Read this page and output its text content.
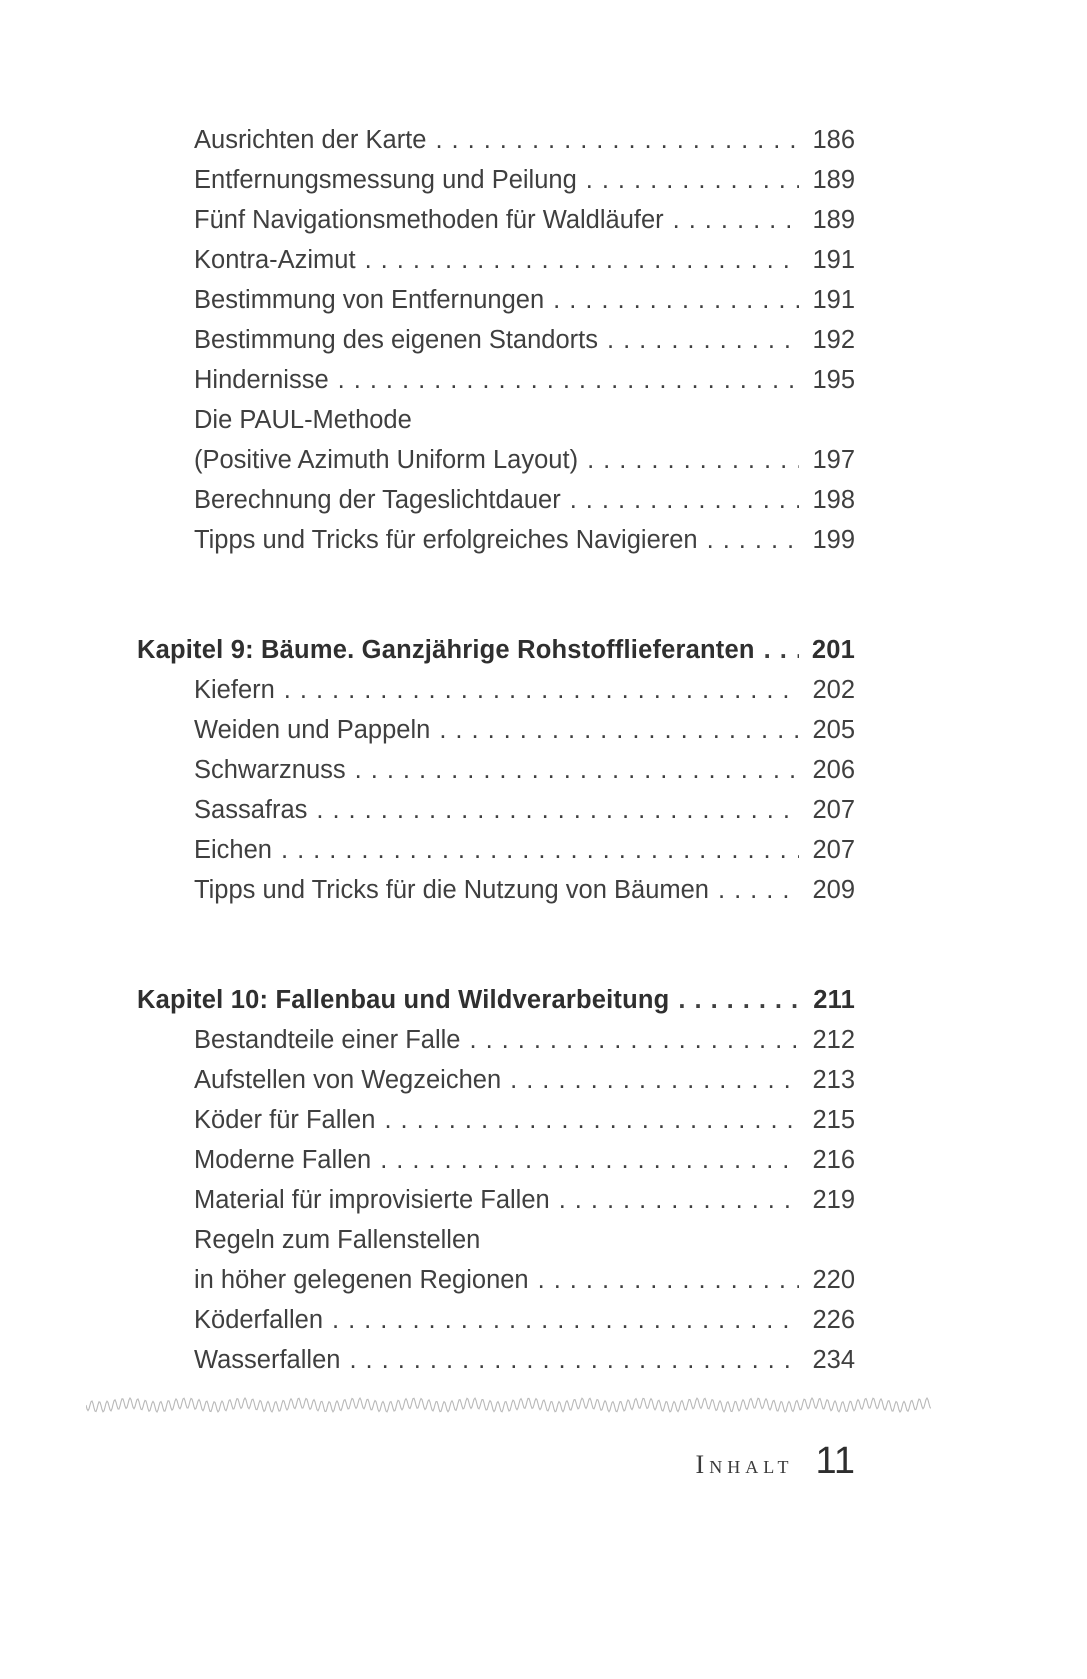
Ausrichten der Karte .....	186
Entfernungsmessung und Peilung .....	189
Fünf Navigationsmethoden für Waldläufer .....	189
Kontra-Azimut .....	191
Bestimmung von Entfernungen .....	191
Bestimmung des eigenen Standorts .....	192
Hindernisse .....	195
Die PAUL-Methode
(Positive Azimuth Uniform Layout) .....	197
Berechnung der Tageslichtdauer .....	198
Tipps und Tricks für erfolgreiches Navigieren .....	199
Kapitel 9: Bäume. Ganzjährige Rohstofflieferanten .....	201
Kiefern .....	202
Weiden und Pappeln .....	205
Schwarznuss .....	206
Sassafras .....	207
Eichen .....	207
Tipps und Tricks für die Nutzung von Bäumen .....	209
Kapitel 10: Fallenbau und Wildverarbeitung .....	211
Bestandteile einer Falle .....	212
Aufstellen von Wegzeichen .....	213
Köder für Fallen .....	215
Moderne Fallen .....	216
Material für improvisierte Fallen .....	219
Regeln zum Fallenstellen
in höher gelegenen Regionen .....	220
Köderfallen .....	226
Wasserfallen .....	234
Inhalt 11
